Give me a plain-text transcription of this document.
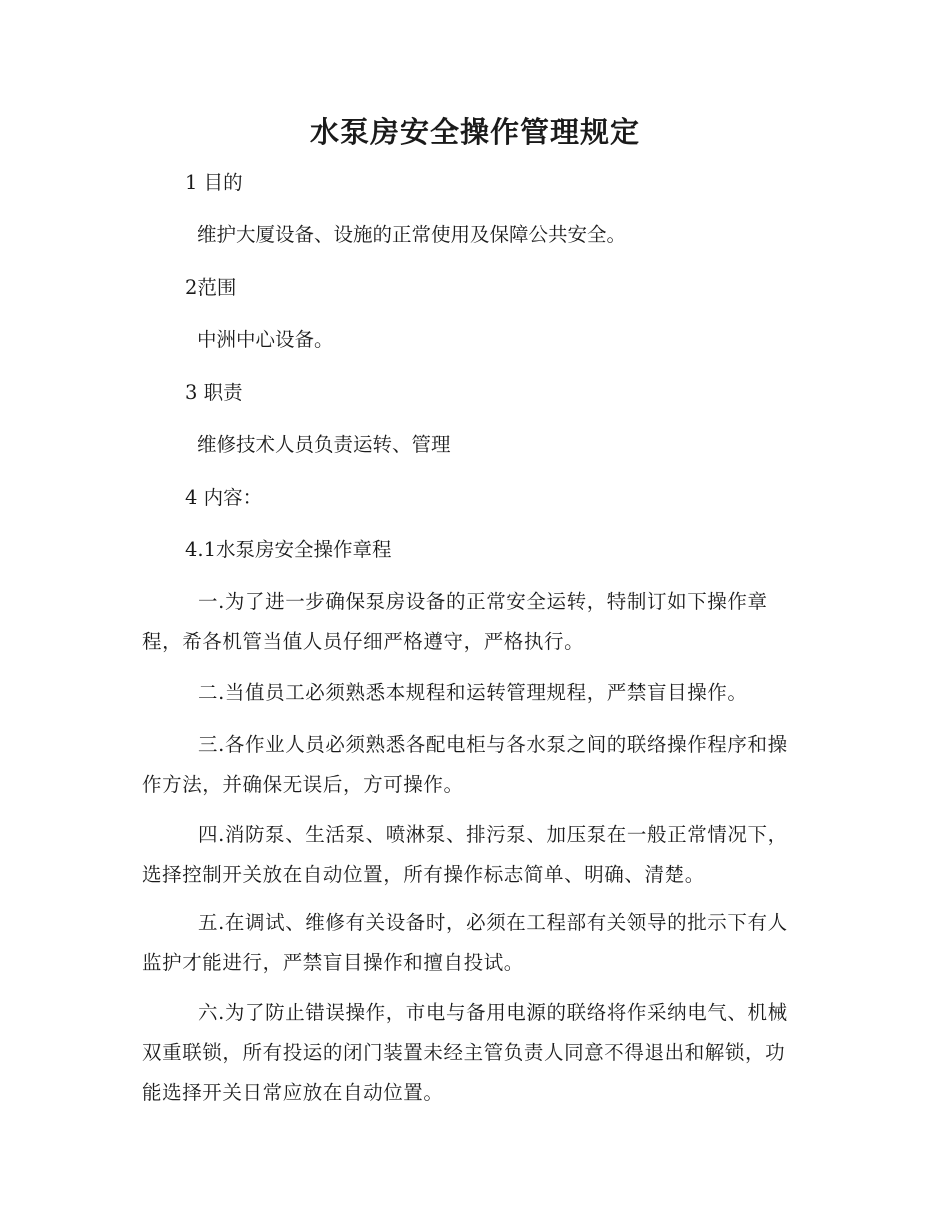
水泵房安全操作管理规定

1 目的

维护大厦设备、设施的正常使用及保障公共安全。

2范围

中洲中心设备。

3 职责

维修技术人员负责运转、管理

4 内容：

4.1水泵房安全操作章程

一.为了进一步确保泵房设备的正常安全运转，特制订如下操作章程，希各机管当值人员仔细严格遵守，严格执行。

二.当值员工必须熟悉本规程和运转管理规程，严禁盲目操作。

三.各作业人员必须熟悉各配电柜与各水泵之间的联络操作程序和操作方法，并确保无误后，方可操作。

四.消防泵、生活泵、喷淋泵、排污泵、加压泵在一般正常情况下，选择控制开关放在自动位置，所有操作标志简单、明确、清楚。

五.在调试、维修有关设备时，必须在工程部有关领导的批示下有人监护才能进行，严禁盲目操作和擅自投试。

六.为了防止错误操作，市电与备用电源的联络将作采纳电气、机械双重联锁，所有投运的闭门装置未经主管负责人同意不得退出和解锁，功能选择开关日常应放在自动位置。
